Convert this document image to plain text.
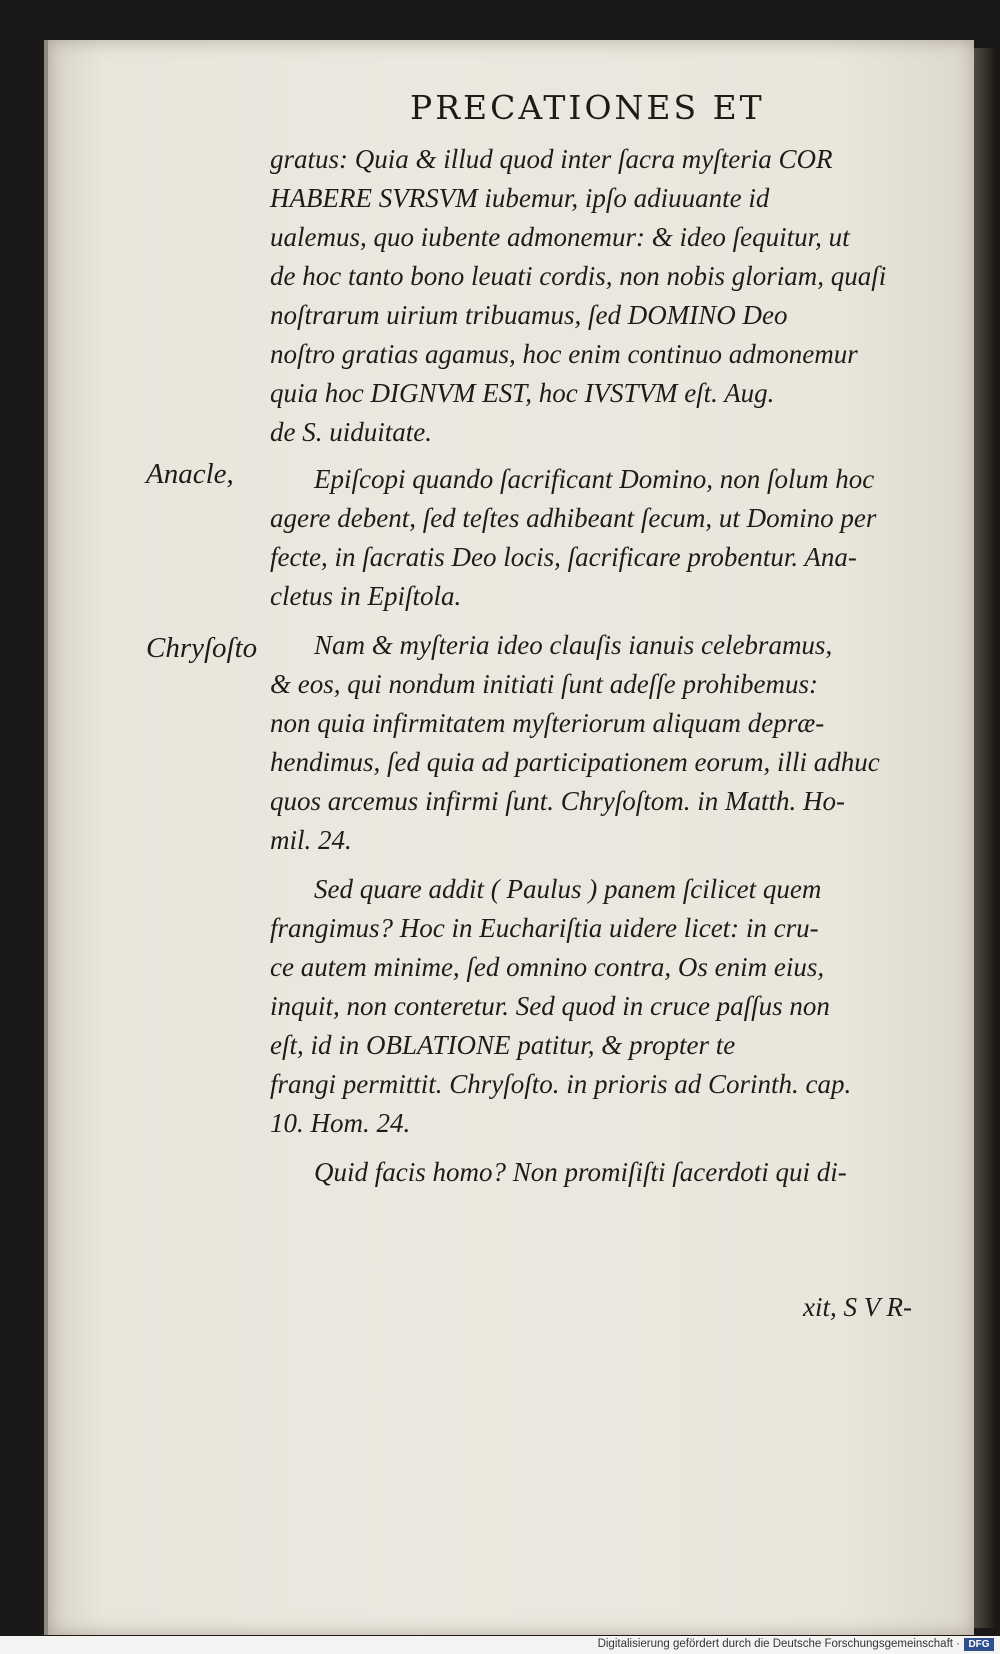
PRECATIONES ET
Anacle,
Chryſoſto

gratus: Quia & illud quod inter ſacra myſteria COR
HABERE SVRSVM iubemur, ipſo adiuuante id
ualemus, quo iubente admonemur: & ideo ſequitur, ut
de hoc tanto bono leuati cordis, non nobis gloriam, quaſi
noſtrarum uirium tribuamus, ſed DOMINO Deo
noſtro gratias agamus, hoc enim continuo admonemur
quia hoc DIGNVM EST, hoc IVSTVM eſt. Aug.
de S. uiduitate.

Epiſcopi quando ſacrificant Domino, non ſolum hoc
agere debent, ſed teſtes adhibeant ſecum, ut Domino per
fecte, in ſacratis Deo locis, ſacrificare probentur. Ana-
cletus in Epiſtola.

Nam & myſteria ideo clauſis ianuis celebramus,
& eos, qui nondum initiati ſunt adeſſe prohibemus:
non quia infirmitatem myſteriorum aliquam depræ-
hendimus, ſed quia ad participationem eorum, illi adhuc
quos arcemus infirmi ſunt. Chryſoſtom. in Matth. Ho-
mil. 24.

Sed quare addit ( Paulus ) panem ſcilicet quem
frangimus? Hoc in Euchariſtia uidere licet: in cru-
ce autem minime, ſed omnino contra, Os enim eius,
inquit, non conteretur. Sed quod in cruce paſſus non
eſt, id in OBLATIONE patitur, & propter te
frangi permittit. Chryſoſto. in prioris ad Corinth. cap.
10. Hom. 24.

Quid facis homo? Non promiſiſti ſacerdoti qui di-

xit, S V R-
Digitalisierung gefördert durch die Deutsche Forschungsgemeinschaft · DFG
